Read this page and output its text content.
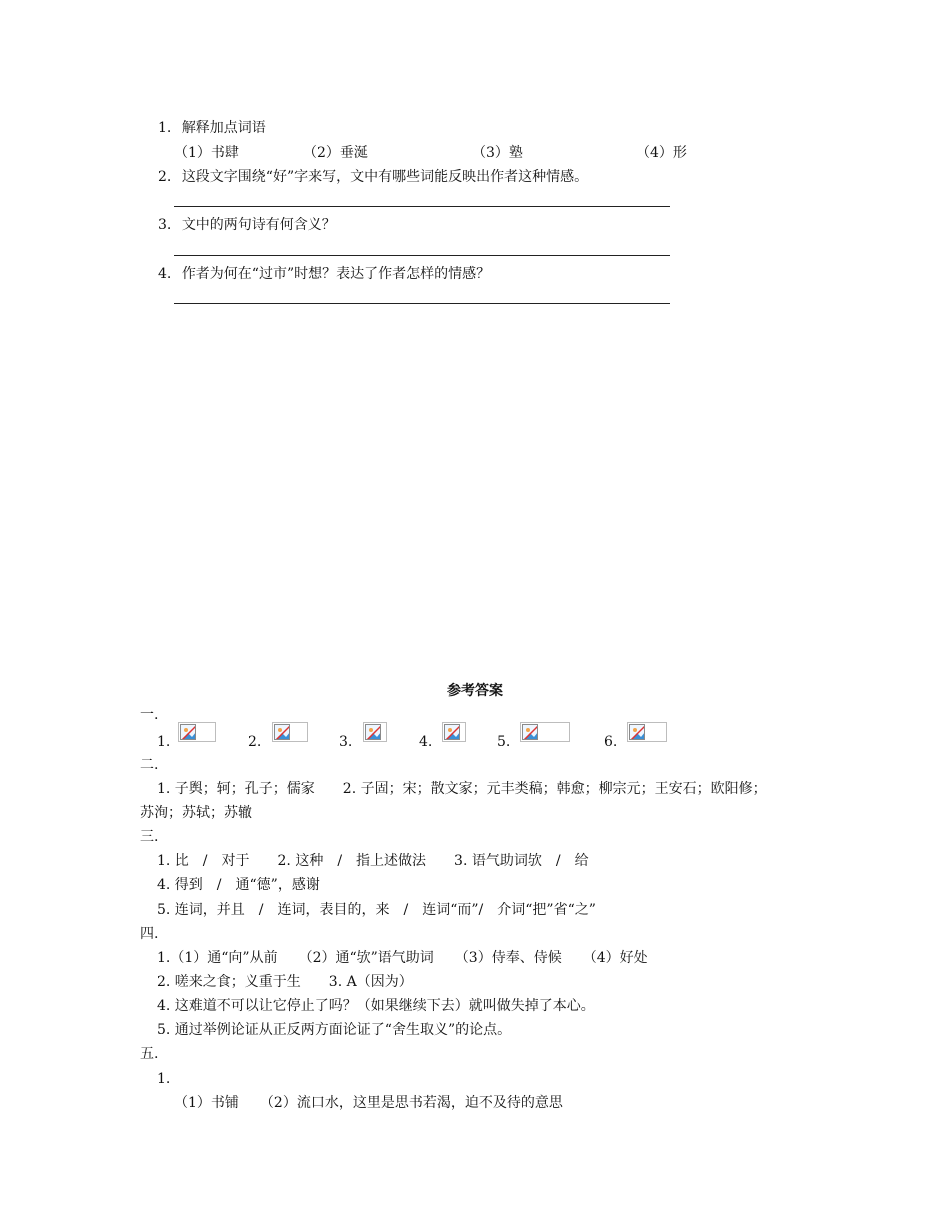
1. 解释加点词语
（1）书肆	（2）垂涎	（3）塾	（4）形
2. 这段文字围绕“好”字来写，文中有哪些词能反映出作者这种情感。
3. 文中的两句诗有何含义？
4. 作者为何在“过市”时想？表达了作者怎样的情感？
参考答案
一.
1.	2.	3.	4.	5.	6.
二.
1. 子舆；轲；孔子；儒家　　2. 子固；宋；散文家；元丰类稿；韩愈；柳宗元；王安石；欧阳修；
苏洵；苏轼；苏辙
三.
1. 比　/　对于　　2. 这种　/　指上述做法　　3. 语气助词欤　/　给
4. 得到　/　通“德”，感谢
5. 连词，并且　/　连词，表目的，来　/　连词“而”/　介词“把”省“之”
四.
1.（1）通“向”从前　　（2）通“欤”语气助词　　（3）侍奉、侍候　　（4）好处
2. 嗟来之食；义重于生　　3. A（因为）
4. 这难道不可以让它停止了吗？（如果继续下去）就叫做失掉了本心。
5. 通过举例论证从正反两方面论证了“舍生取义”的论点。
五.
1.
（1）书铺　　（2）流口水，这里是思书若渴，迫不及待的意思
